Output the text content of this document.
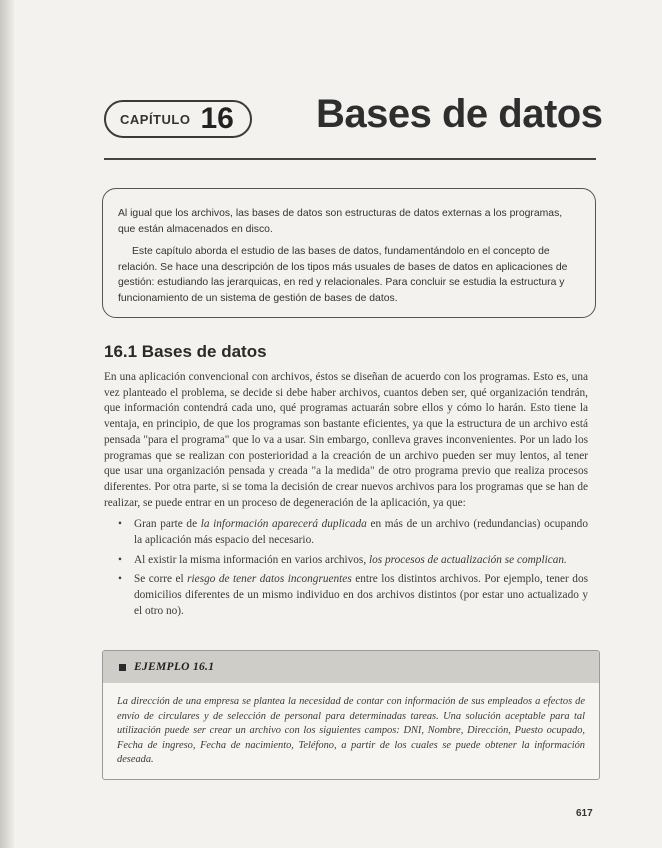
CAPÍTULO 16 Bases de datos

Al igual que los archivos, las bases de datos son estructuras de datos externas a los programas, que están almacenados en disco.

Este capítulo aborda el estudio de las bases de datos, fundamentándolo en el concepto de relación. Se hace una descripción de los tipos más usuales de bases de datos en aplicaciones de gestión: estudiando las jerarquicas, en red y relacionales. Para concluir se estudia la estructura y funcionamiento de un sistema de gestión de bases de datos.

16.1 Bases de datos

En una aplicación convencional con archivos, éstos se diseñan de acuerdo con los programas. Esto es, una vez planteado el problema, se decide si debe haber archivos, cuantos deben ser, qué organización tendrán, que información contendrá cada uno, qué programas actuarán sobre ellos y cómo lo harán. Esto tiene la ventaja, en principio, de que los programas son bastante eficientes, ya que la estructura de un archivo está pensada "para el programa" que lo va a usar. Sin embargo, conlleva graves inconvenientes. Por un lado los programas que se realizan con posterioridad a la creación de un archivo pueden ser muy lentos, al tener que usar una organización pensada y creada "a la medida" de otro programa previo que realiza procesos diferentes. Por otra parte, si se toma la decisión de crear nuevos archivos para los programas que se han de realizar, se puede entrar en un proceso de degeneración de la aplicación, ya que:

• Gran parte de la información aparecerá duplicada en más de un archivo (redundancias) ocupando la aplicación más espacio del necesario.
• Al existir la misma información en varios archivos, los procesos de actualización se complican.
• Se corre el riesgo de tener datos incongruentes entre los distintos archivos. Por ejemplo, tener dos domicilios diferentes de un mismo individuo en dos archivos distintos (por estar uno actualizado y el otro no).
EJEMPLO 16.1
La dirección de una empresa se plantea la necesidad de contar con información de sus empleados a efectos de envío de circulares y de selección de personal para determinadas tareas. Una solución aceptable para tal utilización puede ser crear un archivo con los siguientes campos: DNI, Nombre, Dirección, Puesto ocupado, Fecha de ingreso, Fecha de nacimiento, Teléfono, a partir de los cuales se puede obtener la información deseada.
617
